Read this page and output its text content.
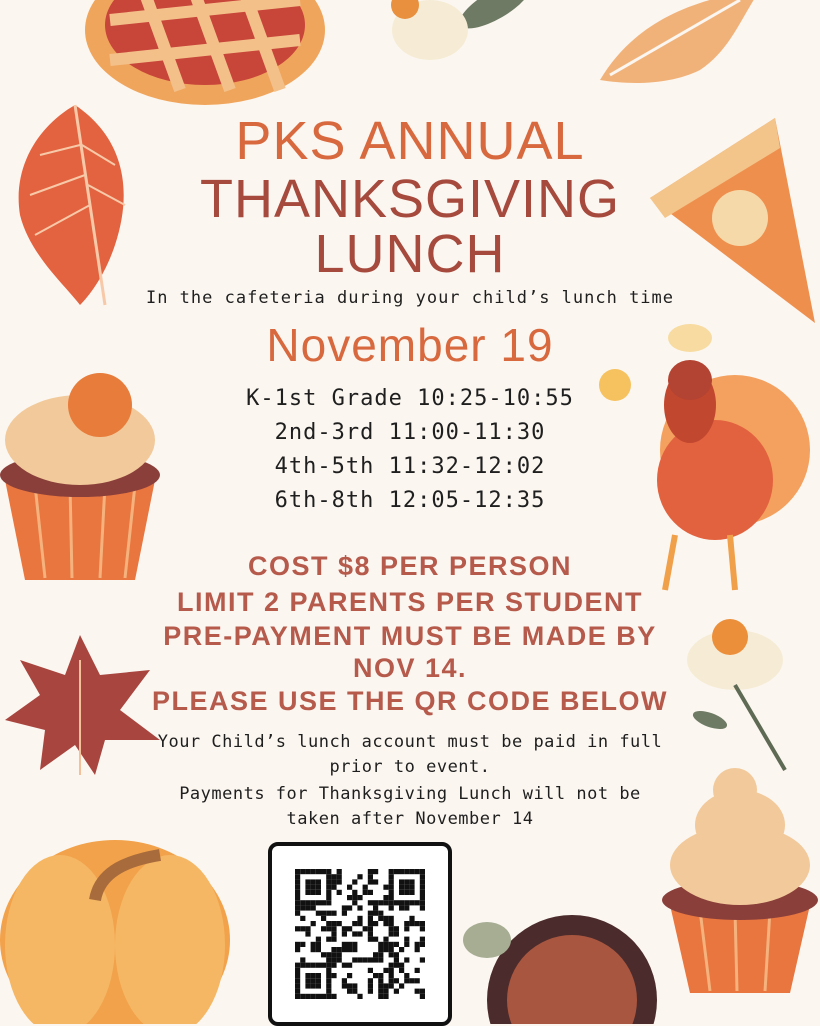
PKS ANNUAL
THANKSGIVING
LUNCH
In the cafeteria during your child’s lunch time
November 19
K-1st Grade 10:25-10:55
2nd-3rd 11:00-11:30
4th-5th 11:32-12:02
6th-8th 12:05-12:35
COST $8 PER PERSON
LIMIT 2 PARENTS PER STUDENT
PRE-PAYMENT MUST BE MADE BY
NOV 14.
PLEASE USE THE QR CODE BELOW
Your Child’s lunch account must be paid in full
prior to event.
Payments for Thanksgiving Lunch will not be
taken after November 14
